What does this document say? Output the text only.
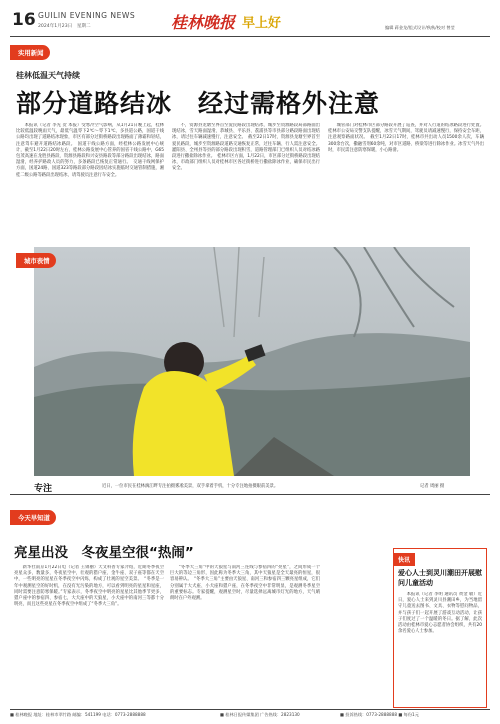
16 GUILIN EVENING NEWS
2024年1月23日　星期二	桂林晚报 早上好	编辑 蒋金龙/组式设计/秋秋/校对 曾莹
实用新闻
桂林低温天气持续
部分道路结冰　经过需格外注意
本报讯（记者 李先 贺 本报）受寒冷空气影响，从1月21日晚上起，桂林比较低温较晚雨天气，最低气温零下2℃～零下1℃，多县道公路，国道干线公路均出现了道路结冰现象，市区有部分过街桥路段出现路面了薄霜和轻结，注意驾车避开道路结冰路段。　国道干线公路方面，经桂林公路发展中心统计，截至1月22日20时左右，桂林公路发展中心管养的国省干线公路中，G65包茂高速在龙胜县路段、资源县路段和兴安县路段等部分路段出现结冰，路面湿滑，经养护路政人员的努力，多条路段已恢复正常通行。　交通干线网保护方面，国道24路、国道323等路段部分路段因结冰实施临时交通管制措施，湘桂二级公路等路段出现结冰，请驾驶员注意行车安全。
不，资源县龙塘至界首至爱民路段出现结冰，城步至资源路段局部路面出现结冰，雪天路面湿滑，恭城县、平乐县、荔浦县等市县部分路段路面出现结冰，请过往车辆减速慢行，注意安全。　截至22日17时，资源县龙塘至界首至爱民路段，城步至资源路段道路交通恢复正常，过往车辆、行人需注意安全。灌阳县、全州县等县的部分路段出现积雪，道路管理部门已组织人员对结冰路段进行撒盐除冰作业。　桂林市区方面，1月22日，市区部分过街桥路段出现结冰，市政部门组织人员对桂林市区各过街桥进行撒盐除冰作业，确保市民出行安全。
城管部门对桂林市区部分路段开展了巡查，并对人行道的结冰路段进行处置。桂林市公安局交警支队提醒，冰雪天气期间，驾驶员请减速慢行，保持安全车距，注意观察路面状况。　截至1月22日17时，桂林市共出动人员1500余人次，车辆300余台次，撒融雪剂60余吨，对市区道路、桥梁等进行除冰作业。冰雪天气外出时，市民需注意防寒保暖，小心路滑。
城市表情
专注	近日，一位市民在桂林漓江畔专注拍摄雾凇美景，双手拿着手机，十分专注地拍摄眼前美景。	记者 周丽 摄
今天早知道
亮星出没　冬夜星空很“热闹”
新华社南京1月22日电（记者 王锦丽）天文科普专家介绍，近期冬季夜空亮星众多，数量多，冬夜星空中，壮观的猎户座、金牛座、双子座等都在天空中，一些明亮的星星在冬季夜空中闪烁，构成了壮观的星空美景。　“冬季是一年中观测星空的好时机，在没有光污染的地方，可以看到明亮的星星和星座，同时需要注意防寒保暖。”专家表示，冬季夜空中明亮的星星比其他季节更多，猎户座中的参宿四、参宿七，大犬座中的天狼星，小犬座中的南河三等都十分明亮，而且这些亮星在冬季夜空中组成了“冬季大三角”。
“冬季大三角”中的天狼星与南河三连线与参宿四的“亮星”，之间形成一个巨大的等边三角形，因此称为冬季大三角，其中天狼星是全天最亮的恒星，很容易辨认。　“冬季大三角”主要由天狼星、南河三和参宿四三颗亮星组成，它们分别属于大犬座、小犬座和猎户座，在冬季夜空中非常明显，是观测冬季星空的重要标志。专家提醒，观测星空时，尽量选择远离城市灯光的地方，天气晴朗时在户外观测。
快讯
爱心人士到灵川潮田开展慰问儿童活动
本报讯（记者 李明 通讯员 黄金 敏）近日，爱心人士来到灵川县潮田乡，为当地留守儿童送去图书、文具、衣物等慰问物品，并与孩子们一起开展了游戏互动活动，让孩子们度过了一个温暖的冬日。据了解，此次活动由桂林市爱心志愿者协会组织，共有20余名爱心人士参加。
■ 桂林晚报 地址：桂林市翠竹路 邮编：541199 电话：0773-2888888	■ 桂林日报传媒集团 广告热线：2823130	■ 投诉热线：0773-2888888 ■ 每份1元
